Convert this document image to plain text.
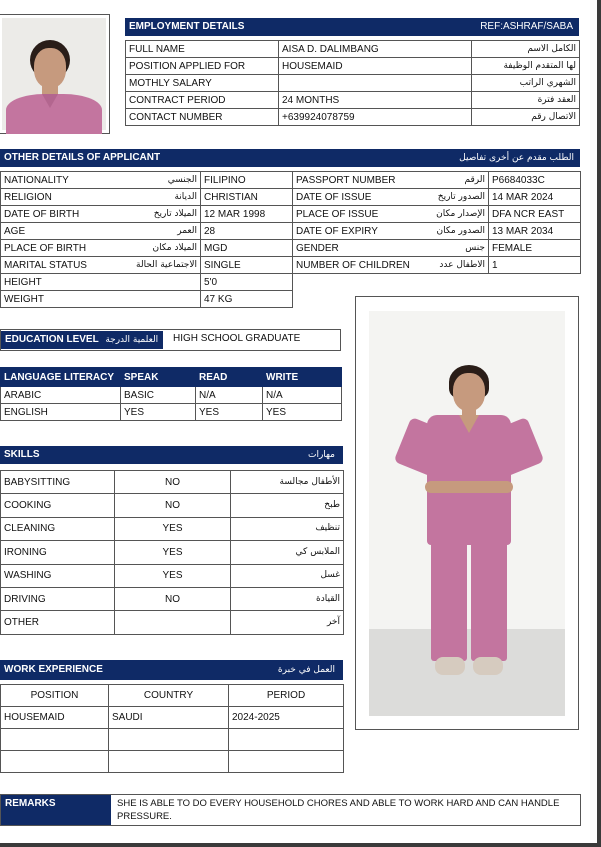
EMPLOYMENT DETAILS	REF:ASHRAF/SABA
FULL NAME	AISA D. DALIMBANG	الكامل الاسم
POSITION APPLIED FOR	HOUSEMAID	لها المتقدم الوظيفة
MOTHLY SALARY		الشهري الراتب
CONTRACT PERIOD	24 MONTHS	العقد فترة
CONTACT NUMBER	+639924078759	الاتصال رقم
OTHER DETAILS OF APPLICANT	الطلب مقدم عن أخرى تفاصيل
NATIONALITY	الجنسي	FILIPINO	PASSPORT NUMBER	الرقم	P6684033C
RELIGION	الديانة	CHRISTIAN	DATE OF ISSUE	الصدور تاريخ	14 MAR 2024
DATE OF BIRTH	الميلاد تاريخ	12 MAR 1998	PLACE OF ISSUE	الإصدار مكان	DFA NCR EAST
AGE	العمر	28	DATE OF EXPIRY	الصدور مكان	13 MAR 2034
PLACE OF BIRTH	الميلاد مكان	MGD	GENDER	جنس	FEMALE
MARITAL STATUS	الاجتماعية الحالة	SINGLE	NUMBER OF CHILDREN	الاطفال عدد	1
HEIGHT	5'0
WEIGHT	47 KG
EDUCATION LEVEL العلمية الدرجة	HIGH SCHOOL GRADUATE
LANGUAGE LITERACY	SPEAK	READ	WRITE
ARABIC	BASIC	N/A	N/A
ENGLISH	YES	YES	YES
SKILLS	مهارات
BABYSITTING	NO	الأطفال مجالسة
COOKING	NO	طبخ
CLEANING	YES	تنظيف
IRONING	YES	الملابس كي
WASHING	YES	غسل
DRIVING	NO	القيادة
OTHER		آخر
WORK EXPERIENCE	العمل في خبرة
POSITION	COUNTRY	PERIOD
HOUSEMAID	SAUDI	2024-2025

REMARKS	SHE IS ABLE TO DO EVERY HOUSEHOLD CHORES AND ABLE TO WORK HARD AND CAN HANDLE PRESSURE.
